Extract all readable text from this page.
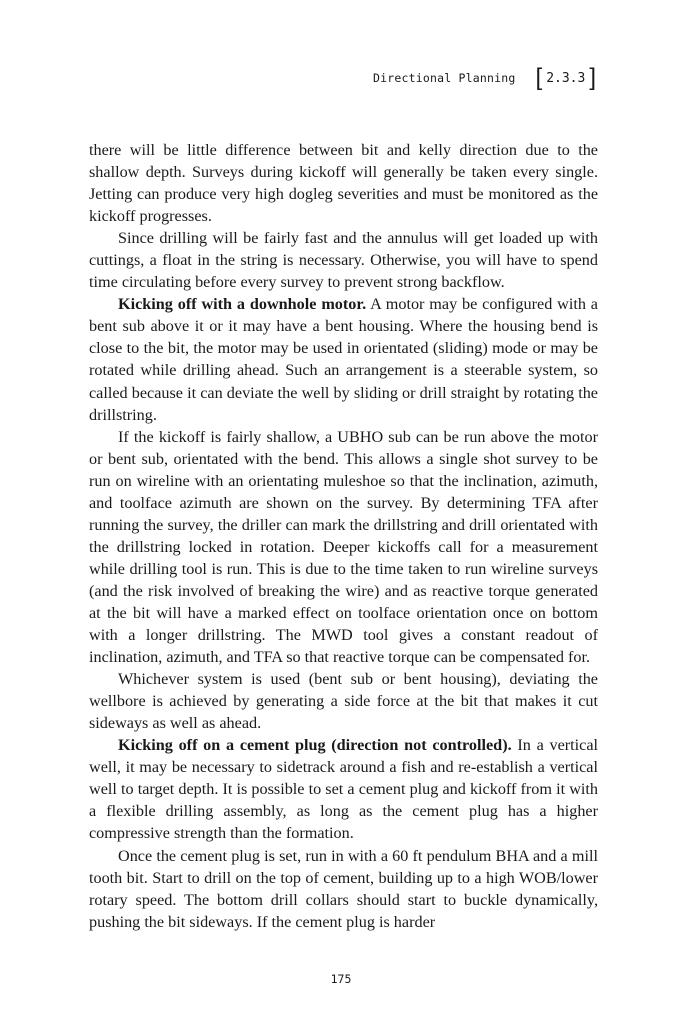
Directional Planning [ 2.3.3 ]

there will be little difference between bit and kelly direction due to the shallow depth. Surveys during kickoff will generally be taken every single. Jetting can produce very high dogleg severities and must be monitored as the kickoff progresses.

Since drilling will be fairly fast and the annulus will get loaded up with cuttings, a float in the string is necessary. Otherwise, you will have to spend time circulating before every survey to prevent strong backflow.

Kicking off with a downhole motor. A motor may be configured with a bent sub above it or it may have a bent housing. Where the housing bend is close to the bit, the motor may be used in orientated (sliding) mode or may be rotated while drilling ahead. Such an arrangement is a steerable system, so called because it can deviate the well by sliding or drill straight by rotating the drillstring.

If the kickoff is fairly shallow, a UBHO sub can be run above the motor or bent sub, orientated with the bend. This allows a single shot survey to be run on wireline with an orientating muleshoe so that the inclination, azimuth, and toolface azimuth are shown on the survey. By determining TFA after running the survey, the driller can mark the drillstring and drill orientated with the drillstring locked in rotation. Deeper kickoffs call for a measurement while drilling tool is run. This is due to the time taken to run wireline surveys (and the risk involved of breaking the wire) and as reactive torque generated at the bit will have a marked effect on toolface orientation once on bottom with a longer drillstring. The MWD tool gives a constant readout of inclination, azimuth, and TFA so that reactive torque can be compensated for.

Whichever system is used (bent sub or bent housing), deviating the wellbore is achieved by generating a side force at the bit that makes it cut sideways as well as ahead.

Kicking off on a cement plug (direction not controlled). In a vertical well, it may be necessary to sidetrack around a fish and re-establish a vertical well to target depth. It is possible to set a cement plug and kickoff from it with a flexible drilling assembly, as long as the cement plug has a higher compressive strength than the formation.

Once the cement plug is set, run in with a 60 ft pendulum BHA and a mill tooth bit. Start to drill on the top of cement, building up to a high WOB/lower rotary speed. The bottom drill collars should start to buckle dynamically, pushing the bit sideways. If the cement plug is harder

175
